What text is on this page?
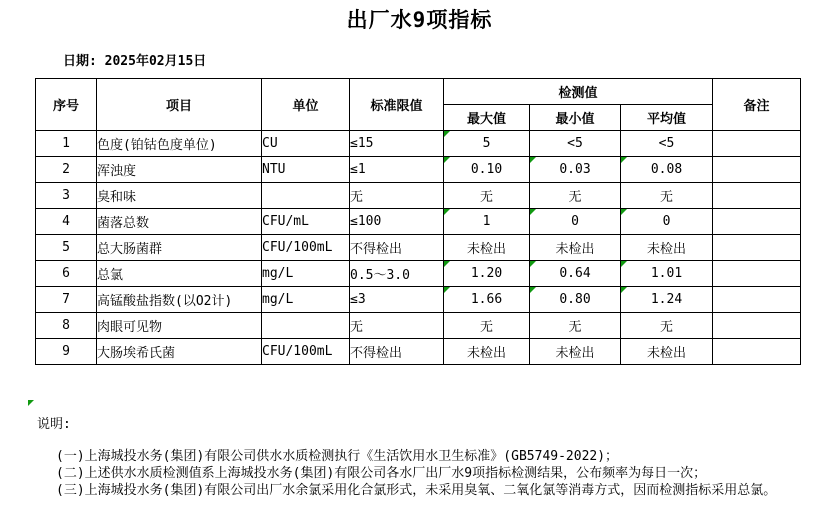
出厂水9项指标
日期: 2025年02月15日
序号	项目	单位	标准限值	检测值			备注
				最大值	最小值	平均值	
1	色度(铂钴色度单位)	CU	≤15	5	<5	<5	
2	浑浊度	NTU	≤1	0.10	0.03	0.08	
3	臭和味		无	无	无	无	
4	菌落总数	CFU/mL	≤100	1	0	0	
5	总大肠菌群	CFU/100mL	不得检出	未检出	未检出	未检出	
6	总氯	mg/L	0.5～3.0	1.20	0.64	1.01	
7	高锰酸盐指数(以O2计)	mg/L	≤3	1.66	0.80	1.24	
8	肉眼可见物		无	无	无	无	
9	大肠埃希氏菌	CFU/100mL	不得检出	未检出	未检出	未检出	
说明:
(一)上海城投水务(集团)有限公司供水水质检测执行《生活饮用水卫生标准》(GB5749-2022)；
(二)上述供水水质检测值系上海城投水务(集团)有限公司各水厂出厂水9项指标检测结果，公布频率为每日一次；
(三)上海城投水务(集团)有限公司出厂水余氯采用化合氯形式，未采用臭氧、二氧化氯等消毒方式，因而检测指标采用总氯。
